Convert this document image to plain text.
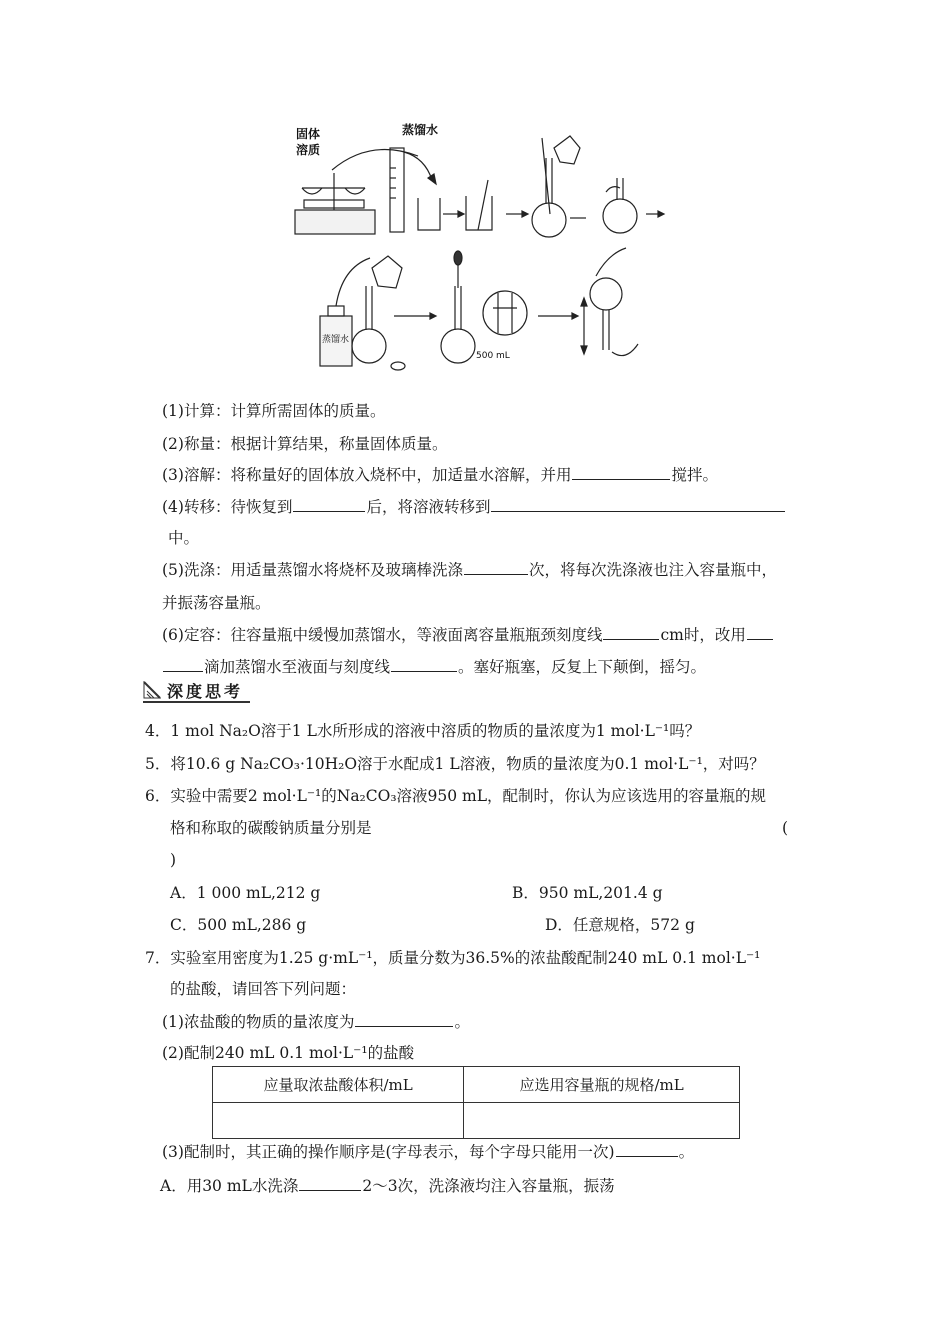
固体
溶质
蒸馏水
蒸馏水
500 mL
(1)计算：计算所需固体的质量。
(2)称量：根据计算结果，称量固体质量。
(3)溶解：将称量好的固体放入烧杯中，加适量水溶解，并用	搅拌。
(4)转移：待恢复到	后，将溶液转移到
中。
(5)洗涤：用适量蒸馏水将烧杯及玻璃棒洗涤	次，将每次洗涤液也注入容量瓶中，
并振荡容量瓶。
(6)定容：往容量瓶中缓慢加蒸馏水，等液面离容量瓶瓶颈刻度线	cm时，改用
滴加蒸馏水至液面与刻度线	。塞好瓶塞，反复上下颠倒，摇匀。
深度思考
4．1 mol Na₂O溶于1 L水所形成的溶液中溶质的物质的量浓度为1 mol·L⁻¹吗？
5．将10.6 g Na₂CO₃·10H₂O溶于水配成1 L溶液，物质的量浓度为0.1 mol·L⁻¹，对吗？
6．实验中需要2 mol·L⁻¹的Na₂CO₃溶液950 mL，配制时，你认为应该选用的容量瓶的规
格和称取的碳酸钠质量分别是	(
)
A．1 000 mL,212 g	B．950 mL,201.4 g
C．500 mL,286 g	D．任意规格，572 g
7．实验室用密度为1.25 g·mL⁻¹，质量分数为36.5%的浓盐酸配制240 mL 0.1 mol·L⁻¹
的盐酸，请回答下列问题：
(1)浓盐酸的物质的量浓度为	。
(2)配制240 mL 0.1 mol·L⁻¹的盐酸
应量取浓盐酸体积/mL	应选用容量瓶的规格/mL

(3)配制时，其正确的操作顺序是(字母表示，每个字母只能用一次)	。
A．用30 mL水洗涤	2～3次，洗涤液均注入容量瓶，振荡
